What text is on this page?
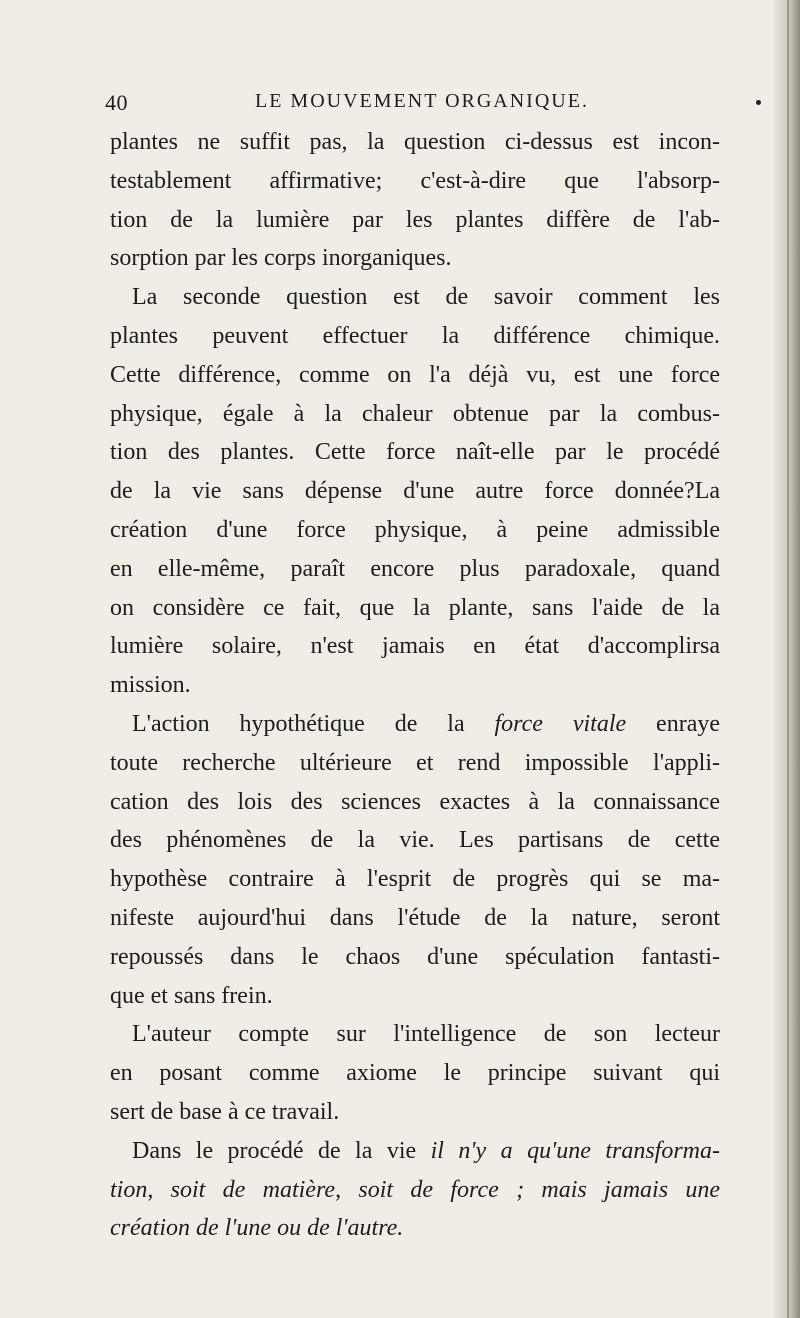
40	LE MOUVEMENT ORGANIQUE.
plantes ne suffit pas, la question ci-dessus est incon-
testablement affirmative; c'est-à-dire que l'absorp-
tion de la lumière par les plantes diffère de l'ab-
sorption par les corps inorganiques.
La seconde question est de savoir comment les
plantes peuvent effectuer la différence chimique.
Cette différence, comme on l'a déjà vu, est une force
physique, égale à la chaleur obtenue par la combus-
tion des plantes. Cette force naît-elle par le procédé
de la vie sans dépense d'une autre force donnée?La
création d'une force physique, à peine admissible
en elle-même, paraît encore plus paradoxale, quand
on considère ce fait, que la plante, sans l'aide de la
lumière solaire, n'est jamais en état d'accomplirsa
mission.
L'action hypothétique de la force vitale enraye
toute recherche ultérieure et rend impossible l'appli-
cation des lois des sciences exactes à la connaissance
des phénomènes de la vie. Les partisans de cette
hypothèse contraire à l'esprit de progrès qui se ma-
nifeste aujourd'hui dans l'étude de la nature, seront
repoussés dans le chaos d'une spéculation fantasti-
que et sans frein.
L'auteur compte sur l'intelligence de son lecteur
en posant comme axiome le principe suivant qui
sert de base à ce travail.
Dans le procédé de la vie il n'y a qu'une transforma-
tion, soit de matière, soit de force ; mais jamais une
création de l'une ou de l'autre.
